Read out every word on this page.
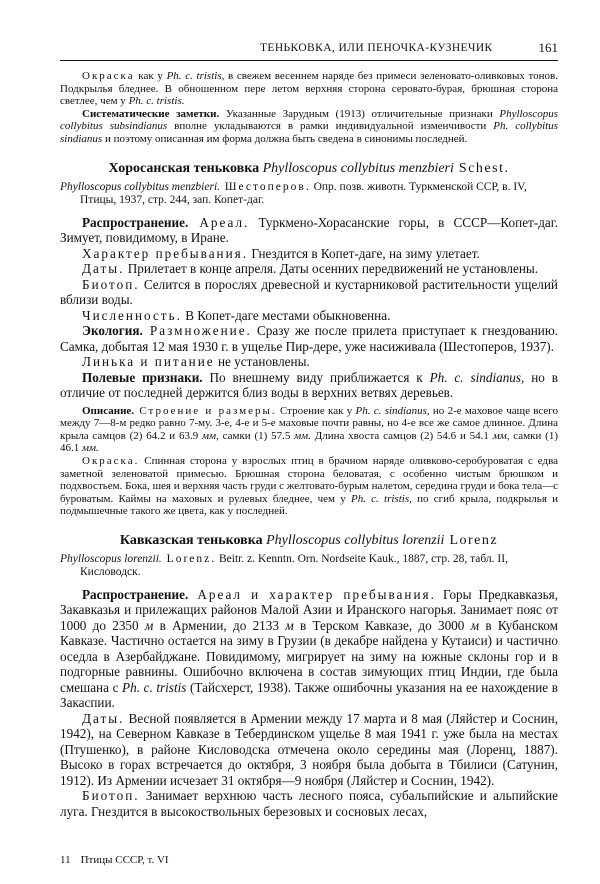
ТЕНЬКОВКА, ИЛИ ПЕНОЧКА-КУЗНЕЧИК	161

Окраска как у Ph. c. tristis, в свежем весеннем наряде без примеси зеленовато-оливковых тонов. Подкрылья бледнее. В обношенном пере летом верхняя сторона серовато-бурая, брюшная сторона светлее, чем у Ph. c. tristis.

Систематические заметки. Указанные Зарудным (1913) отличительные признаки Phylloscopus collybitus subsindianus вполне укладываются в рамки индивидуальной изменчивости Ph. collybitus sindianus и поэтому описанная им форма должна быть сведена в синонимы последней.

Хоросанская теньковка Phylloscopus collybitus menzbieri Schest.

Phylloscopus collybitus menzbieri. Шестоперов. Опр. позв. животн. Туркменской ССР, в. IV, Птицы, 1937, стр. 244, зап. Копет-даг.

Распространение. Ареал. Туркмено-Хорасанские горы, в СССР—Копет-даг. Зимует, повидимому, в Иране.

Характер пребывания. Гнездится в Копет-даге, на зиму улетает.

Даты. Прилетает в конце апреля. Даты осенних передвижений не установлены.

Биотоп. Селится в порослях древесной и кустарниковой растительности ущелий вблизи воды.

Численность. В Копет-даге местами обыкновенна.

Экология. Размножение. Сразу же после прилета приступает к гнездованию. Самка, добытая 12 мая 1930 г. в ущелье Пир-дере, уже насиживала (Шестоперов, 1937).

Линька и питание не установлены.

Полевые признаки. По внешнему виду приближается к Ph. c. sindianus, но в отличие от последней держится близ воды в верхних ветвях деревьев.

Описание. Строение и размеры. Строение как у Ph. c. sindianus, но 2-е маховое чаще всего между 7—8-м редко равно 7-му. 3-е, 4-е и 5-е маховые почти равны, но 4-е все же самое длинное. Длина крыла самцов (2) 64.2 и 63.9 мм, самки (1) 57.5 мм. Длина хвоста самцов (2) 54.6 и 54.1 мм, самки (1) 46.1 мм.

Окраска. Спинная сторона у взрослых птиц в брачном наряде оливково-серобуроватая с едва заметной зеленоватой примесью. Брюшная сторона беловатая, с особенно чистым брюшком и подхвостьем. Бока, шея и верхняя часть груди с желтовато-бурым налетом, середина груди и бока тела—с буроватым. Каймы на маховых и рулевых бледнее, чем у Ph. c. tristis, по сгиб крыла, подкрылья и подмышечные такого же цвета, как у последней.

Кавказская теньковка Phylloscopus collybitus lorenzii Lorenz

Phylloscopus lorenzii. Lorenz. Beitr. z. Kenntn. Orn. Nordseite Kauk., 1887, стр. 28, табл. II, Кисловодск.

Распространение. Ареал и характер пребывания. Горы Предкавказья, Закавказья и прилежащих районов Малой Азии и Иранского нагорья. Занимает пояс от 1000 до 2350 м в Армении, до 2133 м в Терском Кавказе, до 3000 м в Кубанском Кавказе. Частично остается на зиму в Грузии (в декабре найдена у Кутаиси) и частично оседла в Азербайджане. Повидимому, мигрирует на зиму на южные склоны гор и в подгорные равнины. Ошибочно включена в состав зимующих птиц Индии, где была смешана с Ph. c. tristis (Тайсхерст, 1938). Также ошибочны указания на ее нахождение в Закаспии.

Даты. Весной появляется в Армении между 17 марта и 8 мая (Ляйстер и Соснин, 1942), на Северном Кавказе в Тебердинском ущелье 8 мая 1941 г. уже была на местах (Птушенко), в районе Кисловодска отмечена около середины мая (Лоренц, 1887). Высоко в горах встречается до октября, 3 ноября была добыта в Тбилиси (Сатунин, 1912). Из Армении исчезает 31 октября—9 ноября (Ляйстер и Соснин, 1942).

Биотоп. Занимает верхнюю часть лесного пояса, субальпийские и альпийские луга. Гнездится в высокоствольных березовых и сосновых лесах,

11 Птицы СССР, т. VI
